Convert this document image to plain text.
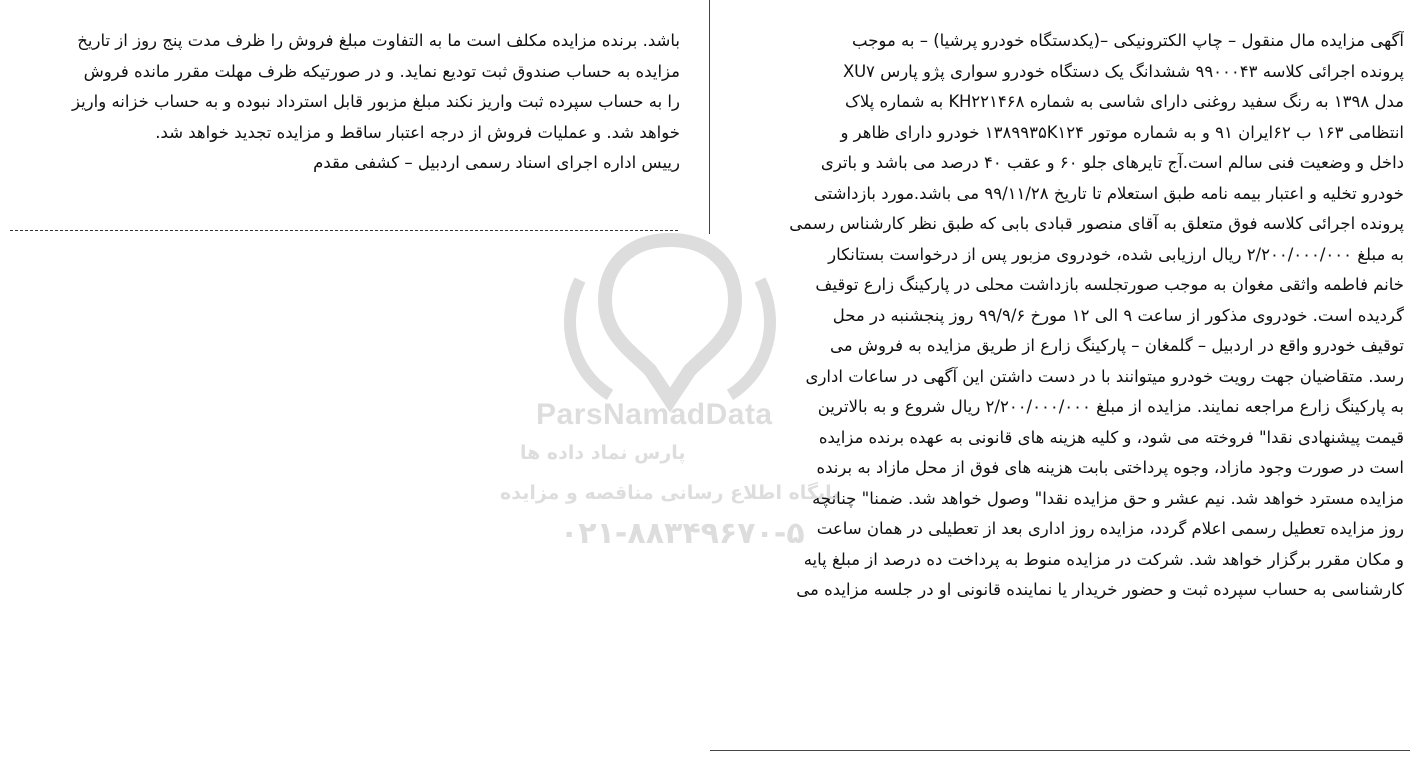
آگهی مزایده مال منقول – چاپ الکترونیکی –(یکدستگاه خودرو پرشیا) – به موجب
پرونده اجرائی کلاسه ۹۹۰۰۰۴۳ ششدانگ یک دستگاه خودرو سواری پژو پارس XU۷
مدل ۱۳۹۸ به رنگ سفید روغنی دارای شاسی به شماره KH۲۲۱۴۶۸ به شماره پلاک
انتظامی ۱۶۳ ب ۶۲ایران ۹۱ و به شماره موتور ۱۳۸۹۹۳۵K۱۲۴ خودرو دارای ظاهر و
داخل و وضعیت فنی سالم است.آج تایرهای جلو ۶۰ و عقب ۴۰ درصد می باشد و باتری
خودرو تخلیه و اعتبار بیمه نامه طبق استعلام تا تاریخ ۹۹/۱۱/۲۸ می باشد.مورد بازداشتی
پرونده اجرائی کلاسه فوق متعلق به آقای منصور قبادی بابی که طبق نظر کارشناس رسمی
به مبلغ ۲/۲۰۰/۰۰۰/۰۰۰ ریال ارزیابی شده، خودروی مزبور پس از درخواست بستانکار
خانم فاطمه واثقی مغوان به موجب صورتجلسه بازداشت محلی در پارکینگ زارع توقیف
گردیده است. خودروی مذکور از ساعت ۹ الی ۱۲ مورخ ۹۹/۹/۶ روز پنجشنبه در محل
توقیف خودرو واقع در اردبیل – گلمغان – پارکینگ زارع از طریق مزایده به فروش می
رسد. متقاضیان جهت رویت خودرو میتوانند با در دست داشتن این آگهی در ساعات اداری
به پارکینگ زارع مراجعه نمایند. مزایده از مبلغ ۲/۲۰۰/۰۰۰/۰۰۰ ریال شروع و به بالاترین
قیمت پیشنهادی نقدا" فروخته می شود، و کلیه هزینه های قانونی به عهده برنده مزایده
است در صورت وجود مازاد، وجوه پرداختی بابت هزینه های فوق از محل مازاد به برنده
مزایده مسترد خواهد شد. نیم عشر و حق مزایده نقدا" وصول خواهد شد. ضمنا" چنانچه
روز مزایده تعطیل رسمی اعلام گردد، مزایده روز اداری بعد از تعطیلی در همان ساعت
و مکان مقرر برگزار خواهد شد. شرکت در مزایده منوط به پرداخت ده درصد از مبلغ پایه
کارشناسی به حساب سپرده ثبت و حضور خریدار یا نماینده قانونی او در جلسه مزایده می
باشد. برنده مزایده مکلف است ما به التفاوت مبلغ فروش را ظرف مدت پنج روز از تاریخ
مزایده به حساب صندوق ثبت تودیع نماید. و در صورتیکه ظرف مهلت مقرر مانده فروش
را به حساب سپرده ثبت واریز نکند مبلغ مزبور قابل استرداد نبوده و به حساب خزانه واریز
خواهد شد. و عملیات فروش از درجه اعتبار ساقط و مزایده تجدید خواهد شد.
رییس اداره اجرای اسناد رسمی اردبیل – کشفی مقدم
ParsNamadData
پارس نماد داده ها
پایگاه اطلاع رسانی مناقصه و مزایده
۰۲۱-۸۸۳۴۹۶۷۰-۵
